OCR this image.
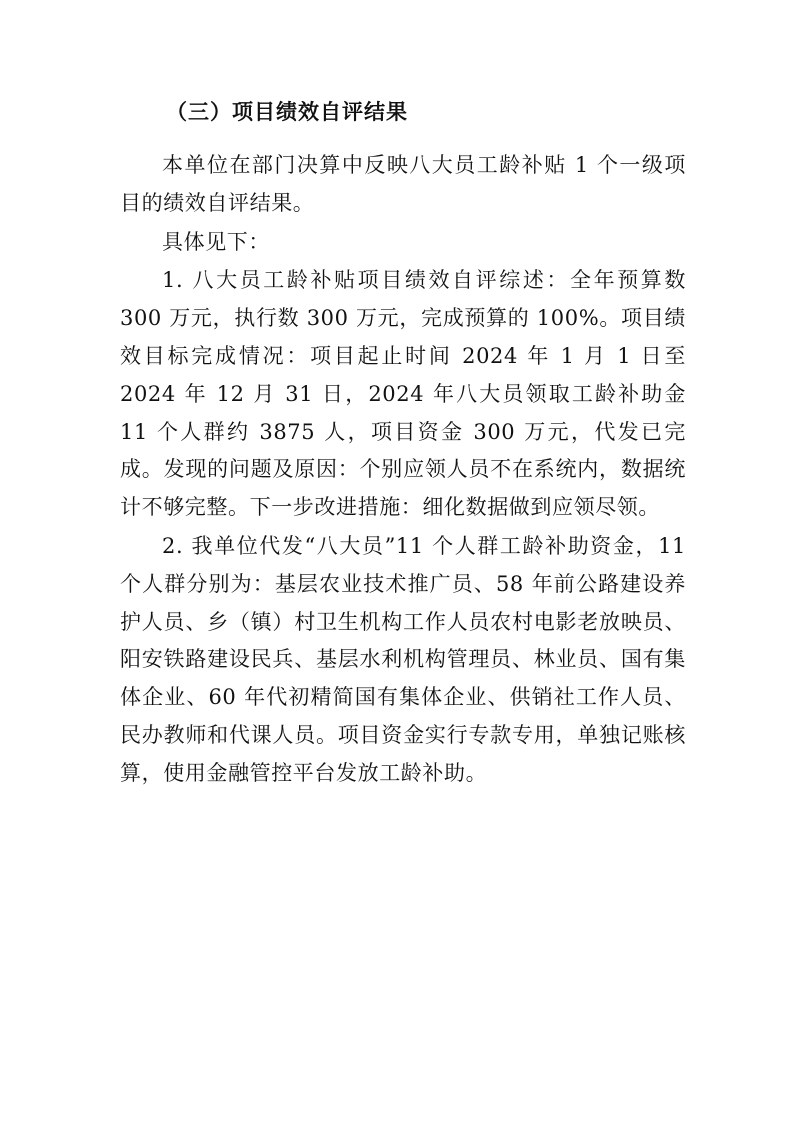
（三）项目绩效自评结果

本单位在部门决算中反映八大员工龄补贴 1 个一级项目的绩效自评结果。

具体见下：

1. 八大员工龄补贴项目绩效自评综述：全年预算数 300 万元，执行数 300 万元，完成预算的 100%。项目绩效目标完成情况：项目起止时间 2024 年 1 月 1 日至 2024 年 12 月 31 日，2024 年八大员领取工龄补助金 11 个人群约 3875 人，项目资金 300 万元，代发已完成。发现的问题及原因：个别应领人员不在系统内，数据统计不够完整。下一步改进措施：细化数据做到应领尽领。

2. 我单位代发“八大员”11 个人群工龄补助资金，11 个人群分别为：基层农业技术推广员、58 年前公路建设养护人员、乡（镇）村卫生机构工作人员农村电影老放映员、阳安铁路建设民兵、基层水利机构管理员、林业员、国有集体企业、60 年代初精简国有集体企业、供销社工作人员、民办教师和代课人员。项目资金实行专款专用，单独记账核算，使用金融管控平台发放工龄补助。
